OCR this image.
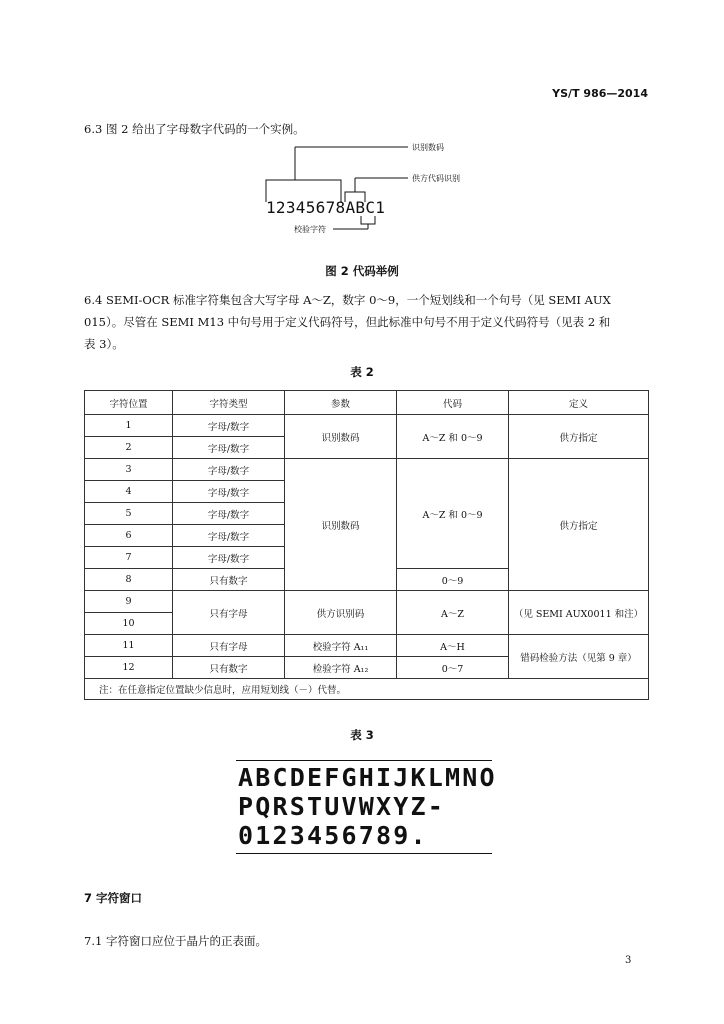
YS/T 986—2014
6.3 图 2 给出了字母数字代码的一个实例。
识别数码
供方代码识别
校验字符
12345678ABC1
图 2 代码举例
6.4 SEMI-OCR 标准字符集包含大写字母 A～Z，数字 0～9，一个短划线和一个句号（见 SEMI AUX
015）。尽管在 SEMI M13 中句号用于定义代码符号，但此标准中句号不用于定义代码符号（见表 2 和
表 3）。
表 2
字符位置	字符类型	参数	代码	定义
1	字母/数字	识别数码	A～Z 和 0～9	供方指定
2	字母/数字			
3	字母/数字	识别数码	A～Z 和 0～9	供方指定
4	字母/数字			
5	字母/数字			
6	字母/数字			
7	字母/数字			
8	只有数字		0～9	
9	只有字母	供方识别码	A～Z	（见 SEMI AUX0011 和注）
10				
11	只有字母	校验字符 A₁₁	A～H	错码检验方法（见第 9 章）
12	只有数字	检验字符 A₁₂	0～7	
注：在任意指定位置缺少信息时，应用短划线（－）代替。				
表 3
ABCDEFGHIJKLMNO
PQRSTUVWXYZ-
0123456789.
7 字符窗口
7.1 字符窗口应位于晶片的正表面。
3
